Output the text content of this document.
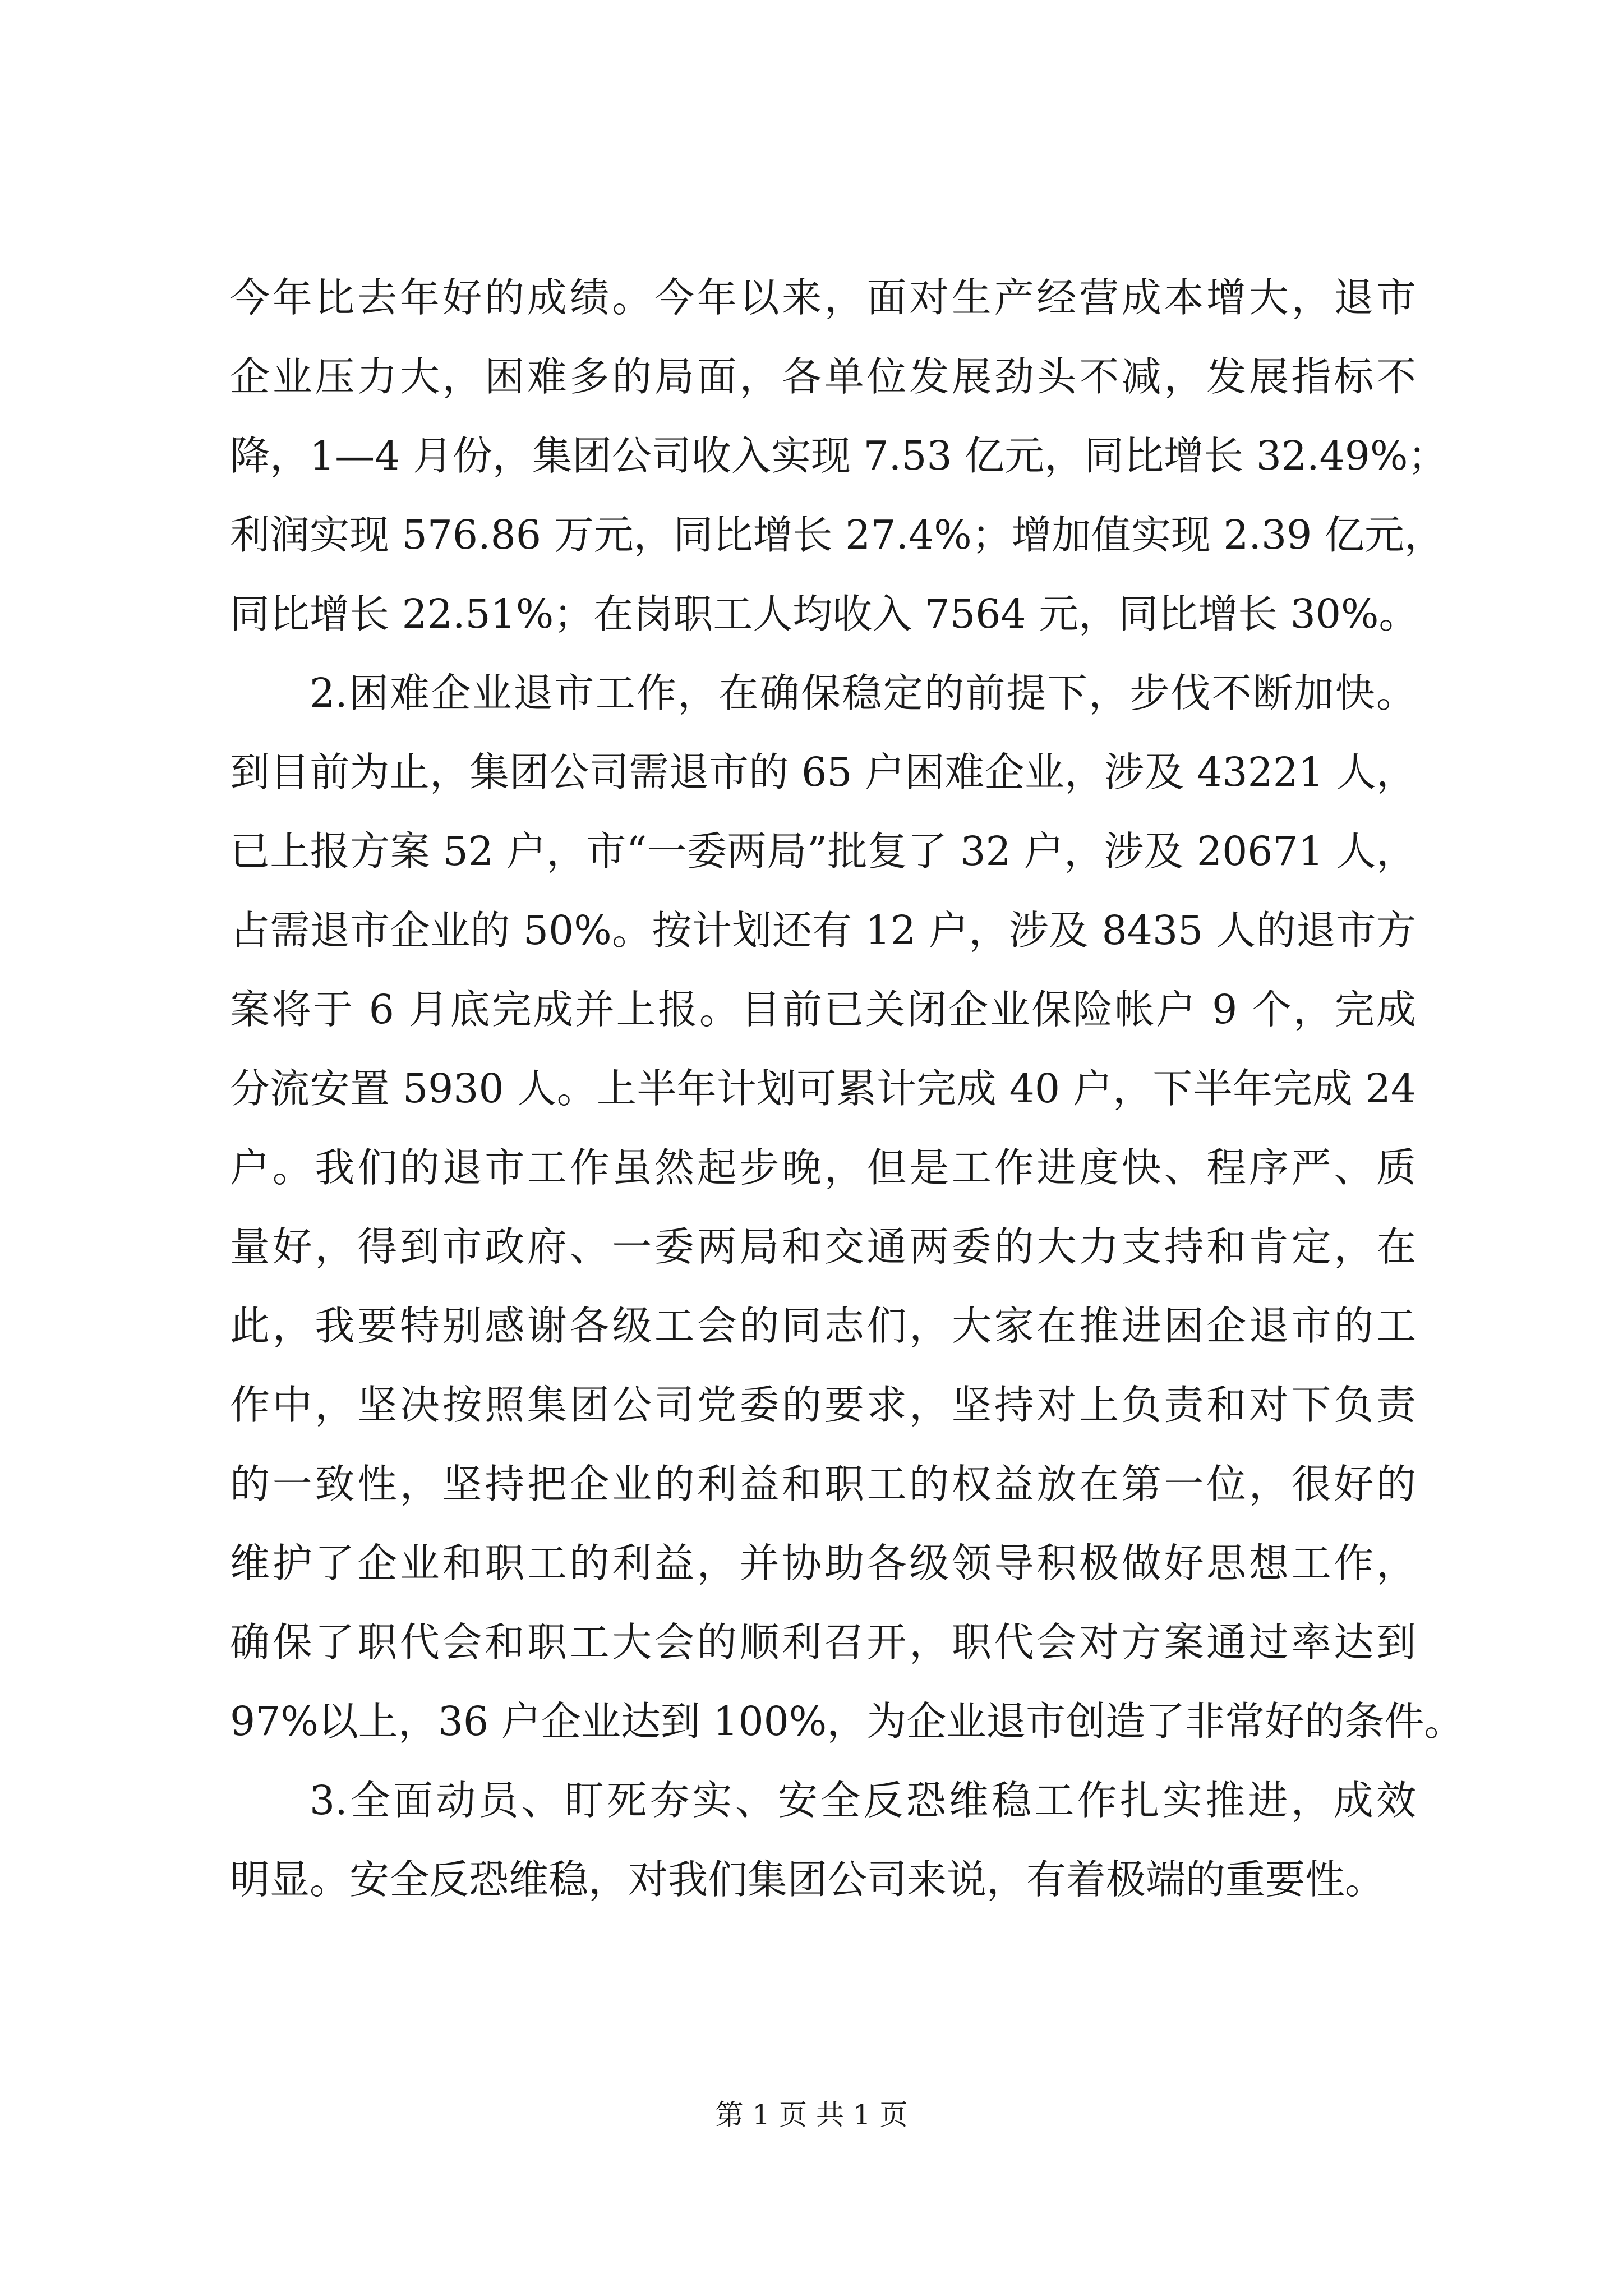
今年比去年好的成绩。今年以来，面对生产经营成本增大，退市
企业压力大，困难多的局面，各单位发展劲头不减，发展指标不
降，1—4 月份，集团公司收入实现 7.53 亿元，同比增长 32.49%；
利润实现 576.86 万元，同比增长 27.4%；增加值实现 2.39 亿元，
同比增长 22.51%；在岗职工人均收入 7564 元，同比增长 30%。
2.困难企业退市工作，在确保稳定的前提下，步伐不断加快。
到目前为止，集团公司需退市的 65 户困难企业，涉及 43221 人，
已上报方案 52 户，市“一委两局”批复了 32 户，涉及 20671 人，
占需退市企业的 50%。按计划还有 12 户，涉及 8435 人的退市方
案将于 6 月底完成并上报。目前已关闭企业保险帐户 9 个，完成
分流安置 5930 人。上半年计划可累计完成 40 户，下半年完成 24
户。我们的退市工作虽然起步晚，但是工作进度快、程序严、质
量好，得到市政府、一委两局和交通两委的大力支持和肯定，在
此，我要特别感谢各级工会的同志们，大家在推进困企退市的工
作中，坚决按照集团公司党委的要求，坚持对上负责和对下负责
的一致性，坚持把企业的利益和职工的权益放在第一位，很好的
维护了企业和职工的利益，并协助各级领导积极做好思想工作，
确保了职代会和职工大会的顺利召开，职代会对方案通过率达到
97%以上，36 户企业达到 100%，为企业退市创造了非常好的条件。
3.全面动员、盯死夯实、安全反恐维稳工作扎实推进，成效
明显。安全反恐维稳，对我们集团公司来说，有着极端的重要性。
第 1 页 共 1 页
